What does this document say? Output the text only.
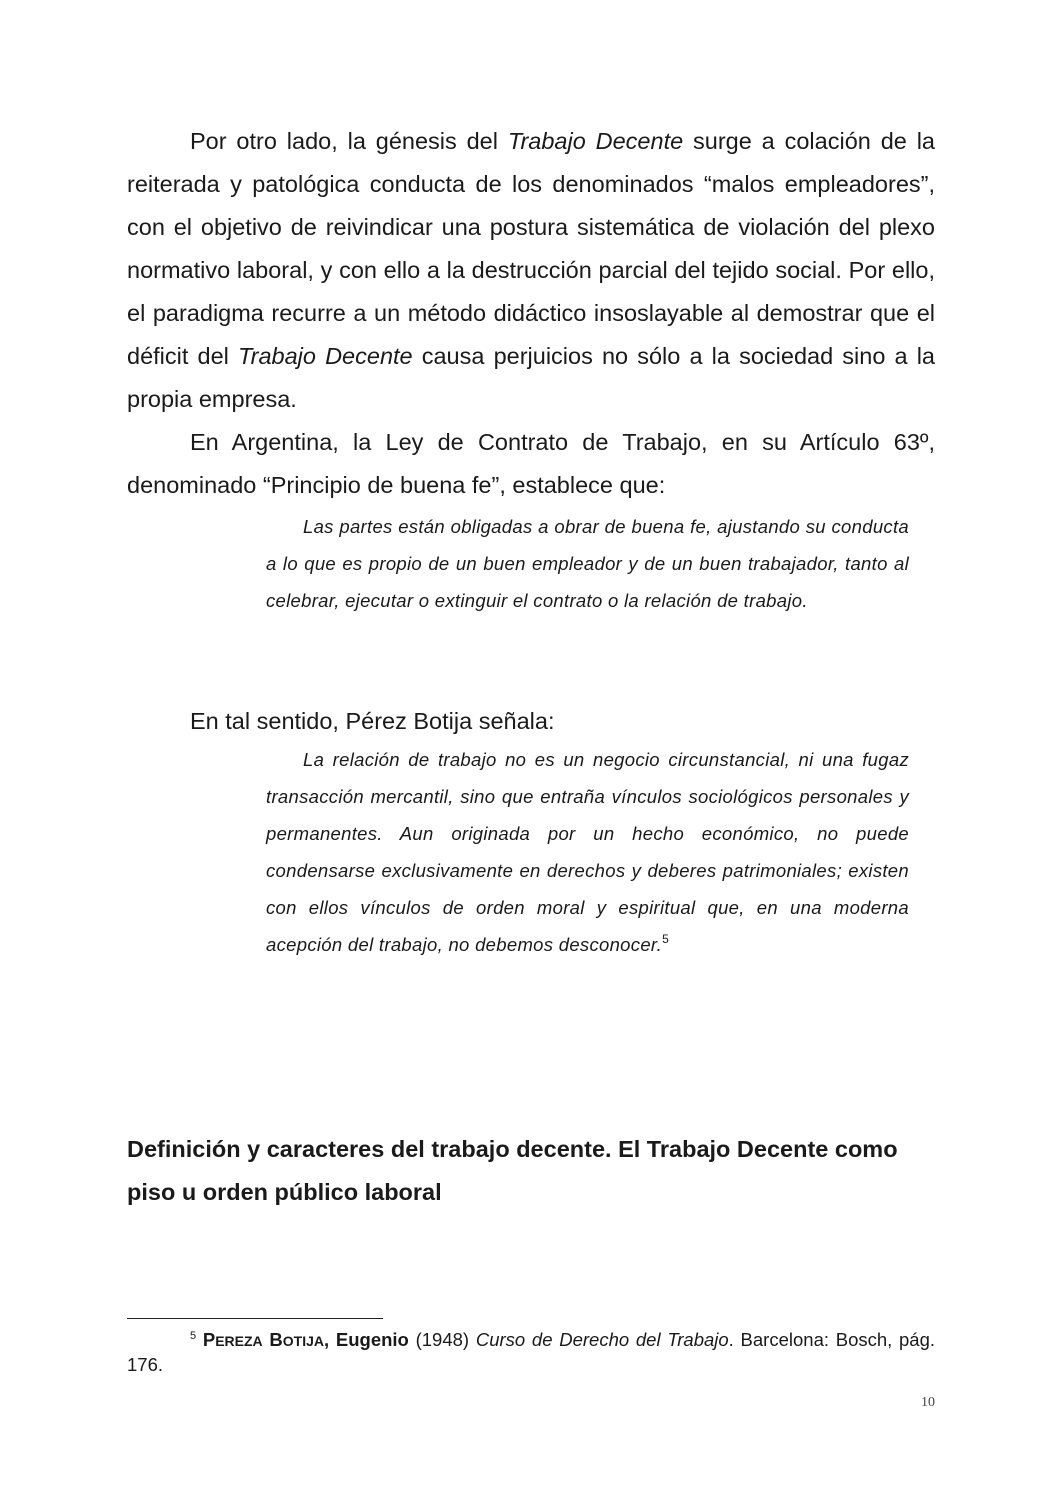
Por otro lado, la génesis del Trabajo Decente surge a colación de la reiterada y patológica conducta de los denominados “malos empleadores”, con el objetivo de reivindicar una postura sistemática de violación del plexo normativo laboral, y con ello a la destrucción parcial del tejido social. Por ello, el paradigma recurre a un método didáctico insoslayable al demostrar que el déficit del Trabajo Decente causa perjuicios no sólo a la sociedad sino a la propia empresa.

En Argentina, la Ley de Contrato de Trabajo, en su Artículo 63º, denominado “Principio de buena fe”, establece que:

Las partes están obligadas a obrar de buena fe, ajustando su conducta a lo que es propio de un buen empleador y de un buen trabajador, tanto al celebrar, ejecutar o extinguir el contrato o la relación de trabajo.

En tal sentido, Pérez Botija señala:

La relación de trabajo no es un negocio circunstancial, ni una fugaz transacción mercantil, sino que entraña vínculos sociológicos personales y permanentes. Aun originada por un hecho económico, no puede condensarse exclusivamente en derechos y deberes patrimoniales; existen con ellos vínculos de orden moral y espiritual que, en una moderna acepción del trabajo, no debemos desconocer.$^5$

Definición y caracteres del trabajo decente. El Trabajo Decente como piso u orden público laboral

$^5$ PEREZA BOTIJA, Eugenio (1948) Curso de Derecho del Trabajo. Barcelona: Bosch, pág. 176.

10
